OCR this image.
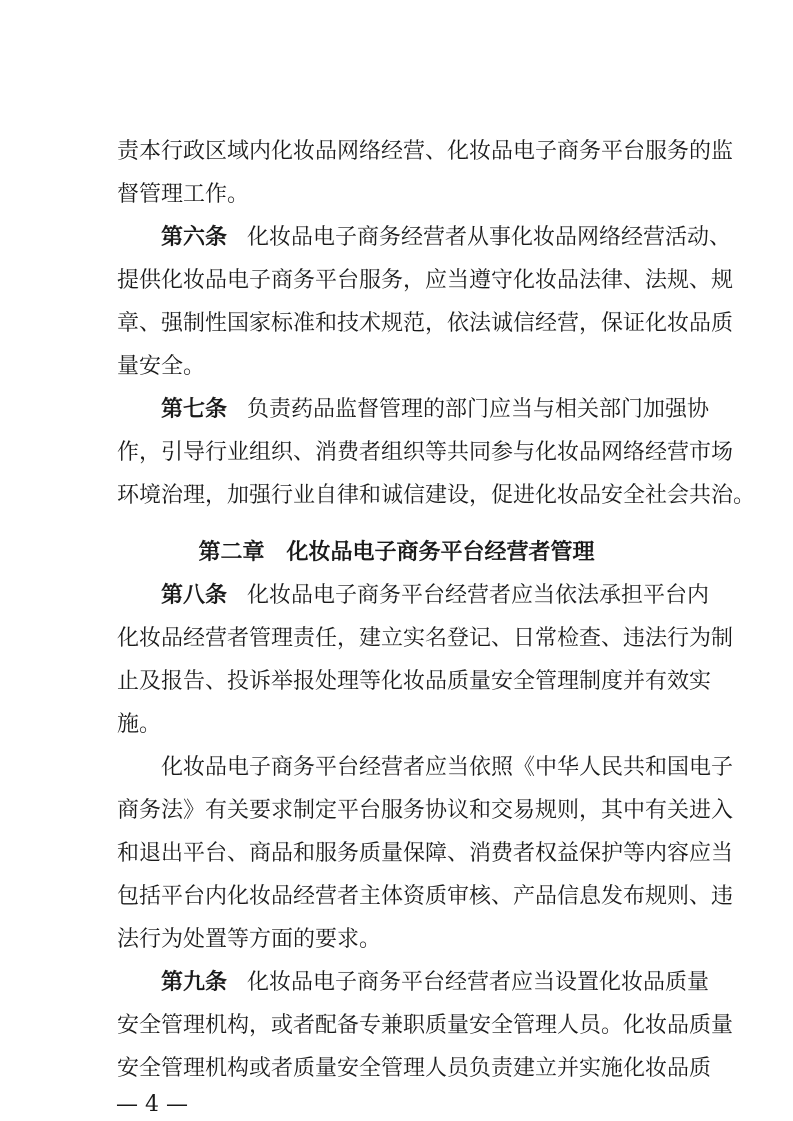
责本行政区域内化妆品网络经营、化妆品电子商务平台服务的监
督管理工作。
第六条 化妆品电子商务经营者从事化妆品网络经营活动、
提供化妆品电子商务平台服务，应当遵守化妆品法律、法规、规
章、强制性国家标准和技术规范，依法诚信经营，保证化妆品质
量安全。
第七条 负责药品监督管理的部门应当与相关部门加强协
作，引导行业组织、消费者组织等共同参与化妆品网络经营市场
环境治理，加强行业自律和诚信建设，促进化妆品安全社会共治。
第二章　化妆品电子商务平台经营者管理
第八条 化妆品电子商务平台经营者应当依法承担平台内
化妆品经营者管理责任，建立实名登记、日常检查、违法行为制
止及报告、投诉举报处理等化妆品质量安全管理制度并有效实
施。
化妆品电子商务平台经营者应当依照《中华人民共和国电子
商务法》有关要求制定平台服务协议和交易规则，其中有关进入
和退出平台、商品和服务质量保障、消费者权益保护等内容应当
包括平台内化妆品经营者主体资质审核、产品信息发布规则、违
法行为处置等方面的要求。
第九条 化妆品电子商务平台经营者应当设置化妆品质量
安全管理机构，或者配备专兼职质量安全管理人员。化妆品质量
安全管理机构或者质量安全管理人员负责建立并实施化妆品质
— 4 —
